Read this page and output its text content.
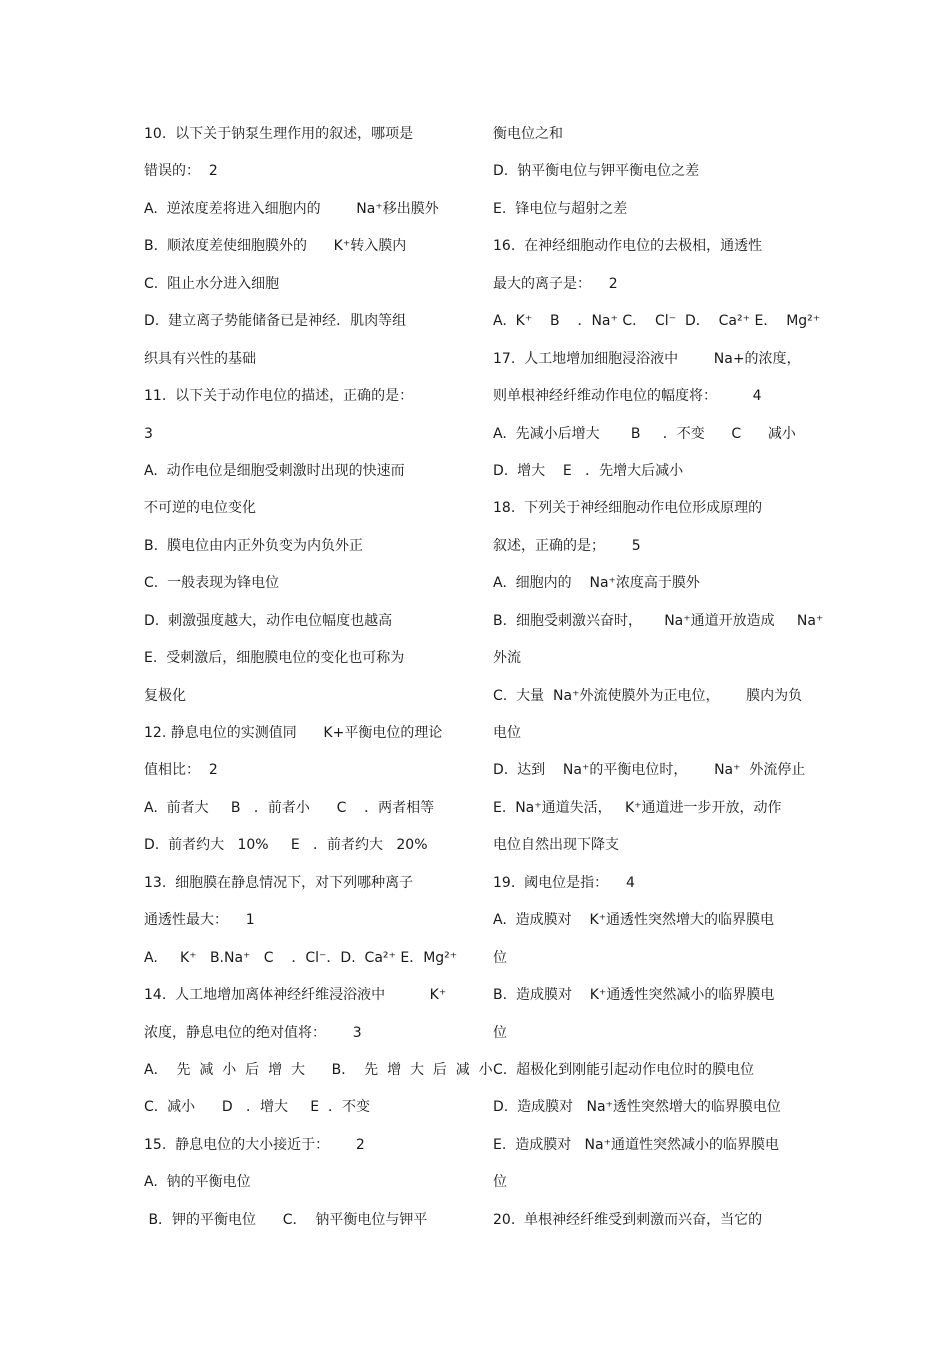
10.  以下关于钠泵生理作用的叙述，哪项是
错误的：  2
A.  逆浓度差将进入细胞内的        Na⁺移出膜外
B.  顺浓度差使细胞膜外的      K⁺转入膜内
C.  阻止水分进入细胞
D.  建立离子势能储备已是神经．肌肉等组
织具有兴性的基础
11.  以下关于动作电位的描述，正确的是：
3
A.  动作电位是细胞受刺激时出现的快速而
不可逆的电位变化
B.  膜电位由内正外负变为内负外正
C.  一般表现为锋电位
D.  刺激强度越大，动作电位幅度也越高
E.  受刺激后，细胞膜电位的变化也可称为
复极化
12. 静息电位的实测值同      K+平衡电位的理论
值相比：  2
A.  前者大     B   ．前者小      C    ．两者相等
D.  前者约大   10%     E   ．前者约大   20%
13.  细胞膜在静息情况下，对下列哪种离子
通透性最大：    1
A.     K⁺   B.Na⁺   C    ．Cl⁻．D.  Ca²⁺ E．Mg²⁺
14.  人工地增加离体神经纤维浸浴液中          K⁺
浓度，静息电位的绝对值将：      3
A．  先  减  小  后  增  大      B．  先  增  大  后  减  小
C.  减小      D   ．增大     E  ．不变
15.  静息电位的大小接近于：      2
A.  钠的平衡电位
B．钾的平衡电位      C．  钠平衡电位与钾平
衡电位之和
D.  钠平衡电位与钾平衡电位之差
E.  锋电位与超射之差
16.  在神经细胞动作电位的去极相，通透性
最大的离子是：    2
A.  K⁺    B    ．Na⁺ C．  Cl⁻  D．  Ca²⁺ E．  Mg²⁺
17.  人工地增加细胞浸浴液中        Na+的浓度，
则单根神经纤维动作电位的幅度将：        4
A.  先减小后增大       B     ．不变      C      减小
D.  增大    E   ．先增大后减小
18.  下列关于神经细胞动作电位形成原理的
叙述，正确的是；      5
A.  细胞内的    Na⁺浓度高于膜外
B.  细胞受刺激兴奋时，     Na⁺通道开放造成     Na⁺
外流
C.  大量  Na⁺外流使膜外为正电位，      膜内为负
电位
D.  达到    Na⁺的平衡电位时，      Na⁺  外流停止
E.  Na⁺通道失活，   K⁺通道进一步开放，动作
电位自然出现下降支
19.  阈电位是指：    4
A.  造成膜对    K⁺通透性突然增大的临界膜电
位
B.  造成膜对    K⁺通透性突然减小的临界膜电
位
C.  超极化到刚能引起动作电位时的膜电位
D.  造成膜对   Na⁺透性突然增大的临界膜电位
E.  造成膜对   Na⁺通道性突然减小的临界膜电
位
20.  单根神经纤维受到刺激而兴奋，当它的
